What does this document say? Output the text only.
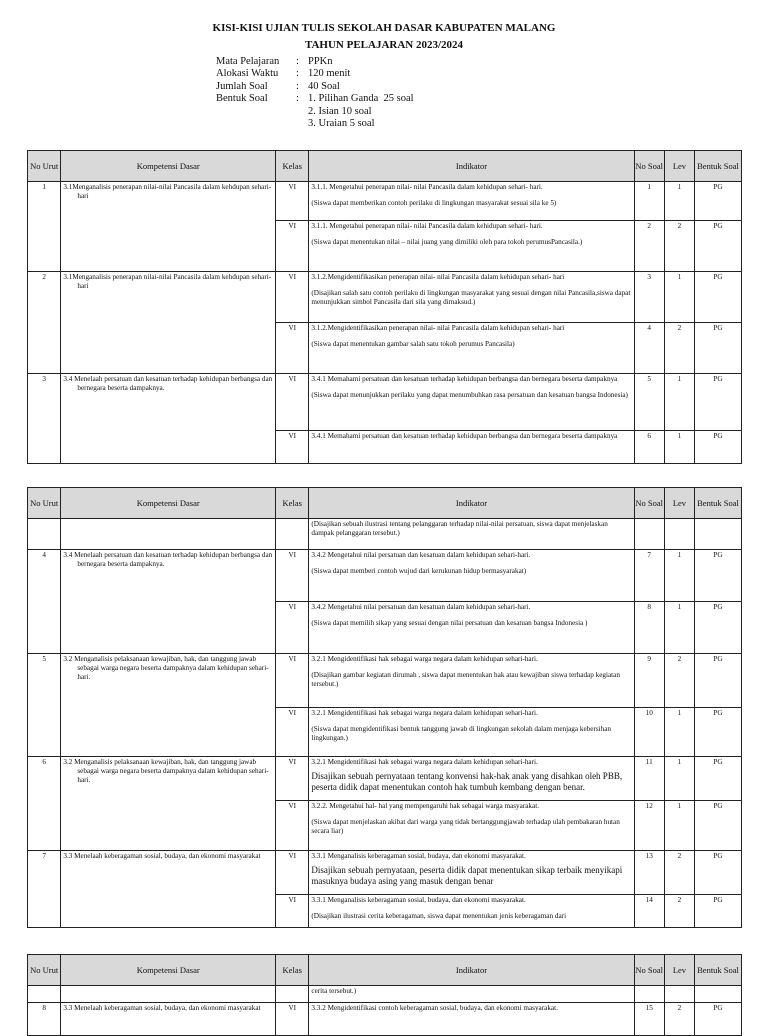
KISI-KISI UJIAN TULIS SEKOLAH DASAR KABUPATEN MALANG
TAHUN PELAJARAN 2023/2024
Mata Pelajaran	: PPKn
Alokasi Waktu	: 120 menit
Jumlah Soal	: 40 Soal
Bentuk Soal	: 1. Pilihan Ganda  25 soal
2. Isian 10 soal
3. Uraian 5 soal
No Urut	Kompetensi Dasar	Kelas	Indikator	No Soal	Lev	Bentuk Soal
1	3.1Menganalisis penerapan nilai-nilai Pancasila dalam kehdupan sehari-hari	VI	3.1.1. Mengetahui penerapan nilai- nilai Pancasila dalam kehidupan sehari- hari.

(Siswa dapat memberikan contoh perilaku di lingkungan masyarakat sesuai sila ke 5)	1	1	PG
		VI	3.1.1. Mengetahui penerapan nilai- nilai Pancasila dalam kehidupan sehari- hari.

(Siswa dapat menentukan nilai – nilai juang yang dimiliki oleh para tokoh perumusPancasila.)	2	2	PG
2	3.1Menganalisis penerapan nilai-nilai Pancasila dalam kehdupan sehari-hari	VI	3.1.2.Mengidentifikasikan penerapan nilai- nilai Pancasila dalam kehidupan sehari- hari

(Disajikan salah satu contoh perilaku di lingkungan masyarakat yang sesuai dengan nilai Pancasila,siswa dapat menunjukkan simbol Pancasila dari sila yang dimaksud.)	3	1	PG
		VI	3.1.2.Mengidentifikasikan penerapan nilai- nilai Pancasila dalam kehidupan sehari- hari

(Siswa dapat menentukan gambar salah satu tokoh perumus Pancasila)	4	2	PG
3	3.4 Menelaah persatuan dan kesatuan terhadap kehidupan berbangsa dan bernegara beserta dampaknya.	VI	3.4.1 Memahami persatuan dan kesatuan terhadap kehidupan berbangsa dan bernegara beserta dampaknya

(Siswa dapat menunjukkan perilaku yang dapat menumbuhkan rasa persatuan dan kesatuan bangsa Indonesia)	5	1	PG
		VI	3.4.1 Memahami persatuan dan kesatuan terhadap kehidupan berbangsa dan bernegara beserta dampaknya	6	1	PG
No Urut	Kompetensi Dasar	Kelas	Indikator	No Soal	Lev	Bentuk Soal
			(Disajikan sebuah ilustrasi tentang pelanggaran terhadap nilai-nilai persatuan, siswa dapat menjelaskan dampak pelanggaran tersebut.)			
4	3.4 Menelaah persatuan dan kesatuan terhadap kehidupan berbangsa dan bernegara beserta dampaknya.	VI	3.4.2 Mengetahui nilai persatuan dan kesatuan dalam kehidupan sehari-hari.

(Siswa dapat memberi contoh wujud dari kerukunan hidup bermasyarakat)	7	1	PG
		VI	3.4.2 Mengetahui nilai persatuan dan kesatuan dalam kehidupan sehari-hari.

(Siswa dapat memilih sikap yang sesuai dengan nilai persatuan dan kesatuan bangsa Indonesia )	8	1	PG
5	3.2 Menganalisis pelaksanaan kewajiban, hak, dan tanggung jawab sebagai warga negara beserta dampaknya dalam kehidupan sehari-hari.	VI	3.2.1 Mengidentifikasi hak sebagai warga negara dalam kehidupan sehari-hari.

(Disajikan gambar kegiatan dirumah , siswa dapat menentukan hak atau kewajiban siswa terhadap kegiatan tersebut.)	9	2	PG
		VI	3.2.1 Mengidentifikasi hak sebagai warga negara dalam kehidupan sehari-hari.

(Siswa dapat mengidentifikasi bentuk tanggung jawab di lingkungan sekolah dalam menjaga kebersihan lingkungan.)	10	1	PG
6	3.2 Menganalisis pelaksanaan kewajiban, hak, dan tanggung jawab sebagai warga negara beserta dampaknya dalam kehidupan sehari-hari.	VI	3.2.1 Mengidentifikasi hak sebagai warga negara dalam kehidupan sehari-hari.

Disajikan sebuah pernyataan tentang konvensi hak-hak anak yang disahkan oleh PBB, peserta didik dapat menentukan contoh hak tumbuh kembang dengan benar.	11	1	PG
		VI	3.2.2. Mengetahui hal- hal yang mempengaruhi hak sebagai warga masyarakat.

(Siswa dapat menjelaskan akibat dari warga yang tidak bertanggungjawab terhadap ulah pembakaran hutan secara liar)	12	1	PG
7	3.3 Menelaah keberagaman sosial, budaya, dan ekonomi masyarakat	VI	3.3.1 Menganalisis keberagaman sosial, budaya, dan ekonomi masyarakat.

Disajikan sebuah pernyataan, peserta didik dapat menentukan sikap terbaik menyikapi masuknya budaya asing yang masuk dengan benar	13	2	PG
		VI	3.3.1 Menganalisis keberagaman sosial, budaya, dan ekonomi masyarakat.

(Disajikan ilustrasi cerita keberagaman, siswa dapat menentukan jenis keberagaman dari	14	2	PG
No Urut	Kompetensi Dasar	Kelas	Indikator	No Soal	Lev	Bentuk Soal
			cerita tersebut.)			
8	3.3 Menelaah keberagaman sosial, budaya, dan ekonomi masyarakat	VI	3.3.2 Mengidentifikasi contoh keberagaman sosial, budaya, dan ekonomi masyarakat.	15	2	PG
